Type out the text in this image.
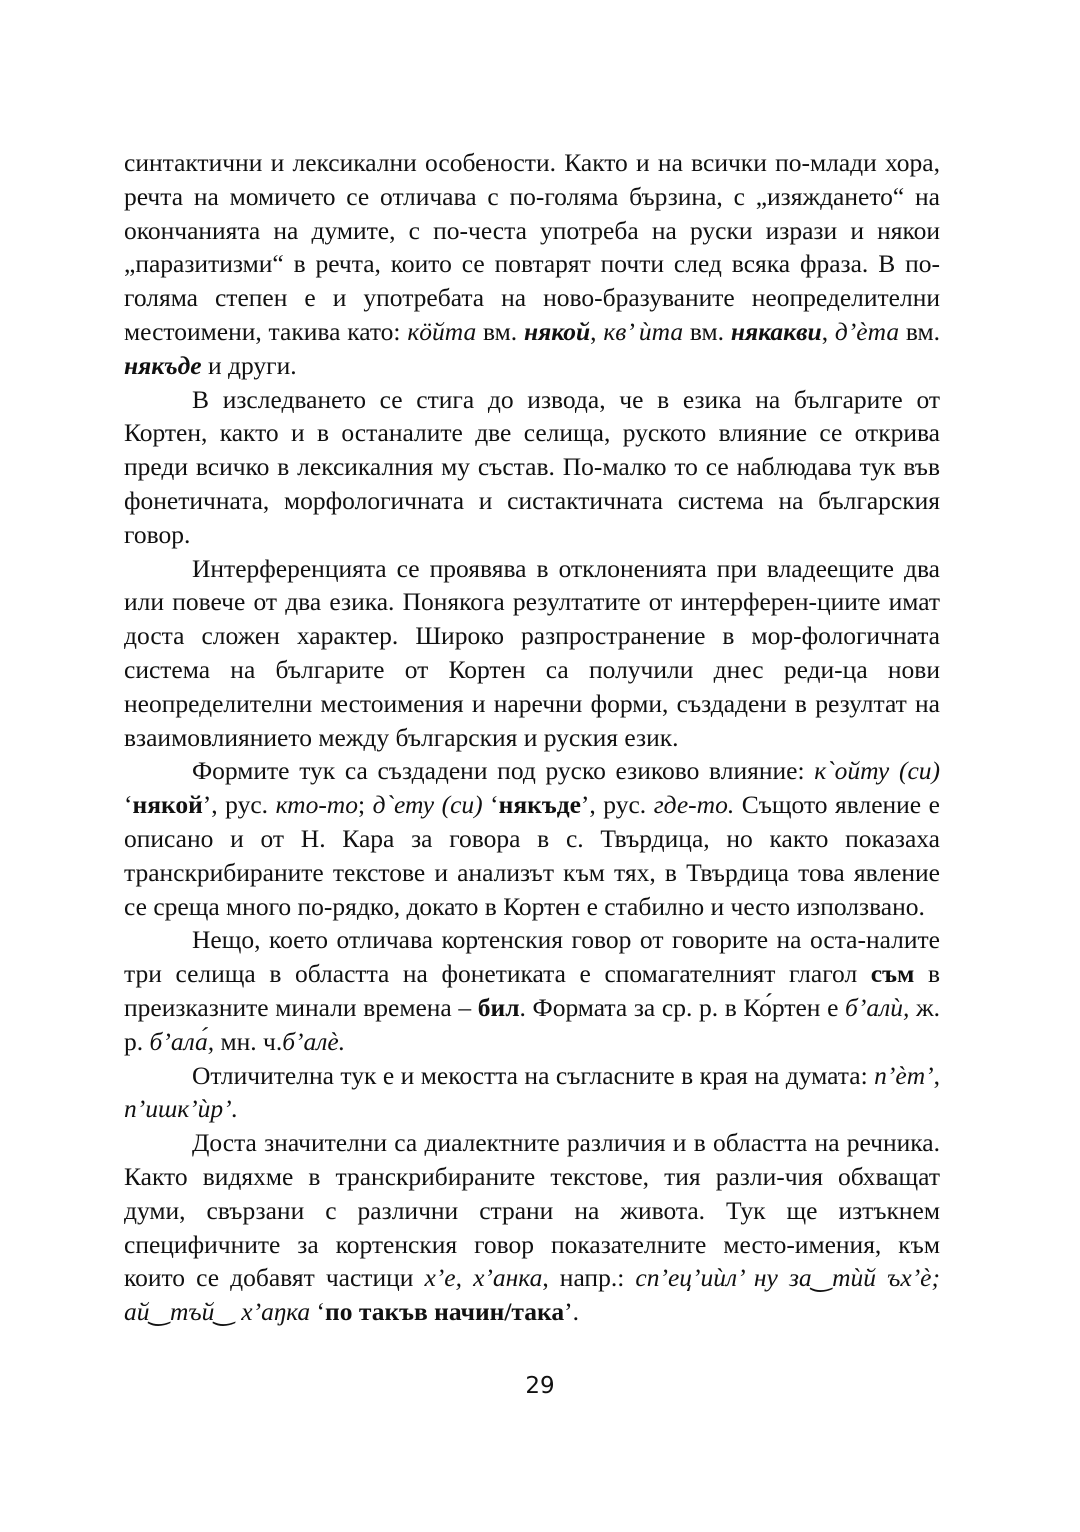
синтактични и лексикални особености. Както и на всички по-млади хора, речта на момичето се отличава с по-голяма бързина, с „изяждането“ на окончанията на думите, с по-честа употреба на руски изрази и някои „паразитизми“ в речта, които се повтарят почти след всяка фраза. В по-голяма степен е и употребата на ново-бразуваните неопределителни местоимени, такива като: кӧйта вм. някой, кв’ ѝта вм. някакви, д’ѐта вм. някъде и други.

В изследването се стига до извода, че в езика на българите от Кортен, както и в останалите две селища, руското влияние се открива преди всичко в лексикалния му състав. По-малко то се наблюдава тук във фонетичната, морфологичната и систактичната система на българския говор.

Интерференцията се проявява в отклоненията при владеещите два или повече от два езика. Понякога резултатите от интерферен-циите имат доста сложен характер. Широко разпространение в мор-фологичната система на българите от Кортен са получили днес реди-ца нови неопределителни местоимения и наречни форми, създадени в резултат на взаимовлиянието между българския и руския език.

Формите тук са създадени под руско езиково влияние: к`ойту (си) ‘някой’, рус. кто-то; д`ету (си) ‘някъде’, рус. где-то. Същото явление е описано и от Н. Кара за говора в с. Твърдица, но както показаха транскрибираните текстове и анализът към тях, в Твърдица това явление се среща много по-рядко, докато в Кортен е стабилно и често използвано.

Нещо, което отличава кортенския говор от говорите на оста-налите три селища в областта на фонетиката е спомагателният глагол съм в преизказните минали времена – бил. Формата за ср. р. в Ко́ртен е б’алѝ, ж. р. б’ала́, мн. ч.б’алѐ.

Отличителна тук е и мекостта на съгласните в края на думата: п’ѐт’, п’ишк’ѝр’.

Доста значителни са диалектните различия и в областта на речника. Както видяхме в транскрибираните текстове, тия разли-чия обхващат думи, свързани с различни страни на живота. Тук ще изтъкнем специфичните за кортенския говор показателните место-имения, към които се добавят частици х’е, х’анка, напр.: сп’ец’иѝл’ ну за‿тѝй ъх’ѐ; ай‿тъй‿ х’аŋка ‘по такъв начин/така’.

29
